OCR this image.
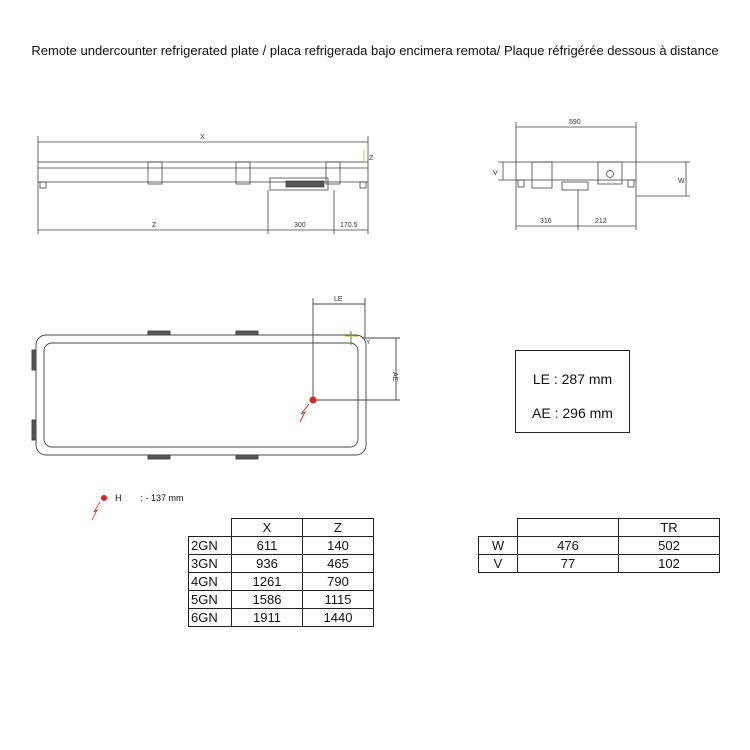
Remote undercounter refrigerated plate / placa refrigerada bajo encimera remota/ Plaque réfrigérée dessous à distance
X
Z
Z
300	170.5
590
V
W
316	212
LE
AE
Y
LE : 287 mm
AE : 296 mm
H : - 137 mm
	X	Z
2GN	611	140
3GN	936	465
4GN	1261	790
5GN	1586	1115
6GN	1911	1440
		TR
W	476	502
V	77	102
